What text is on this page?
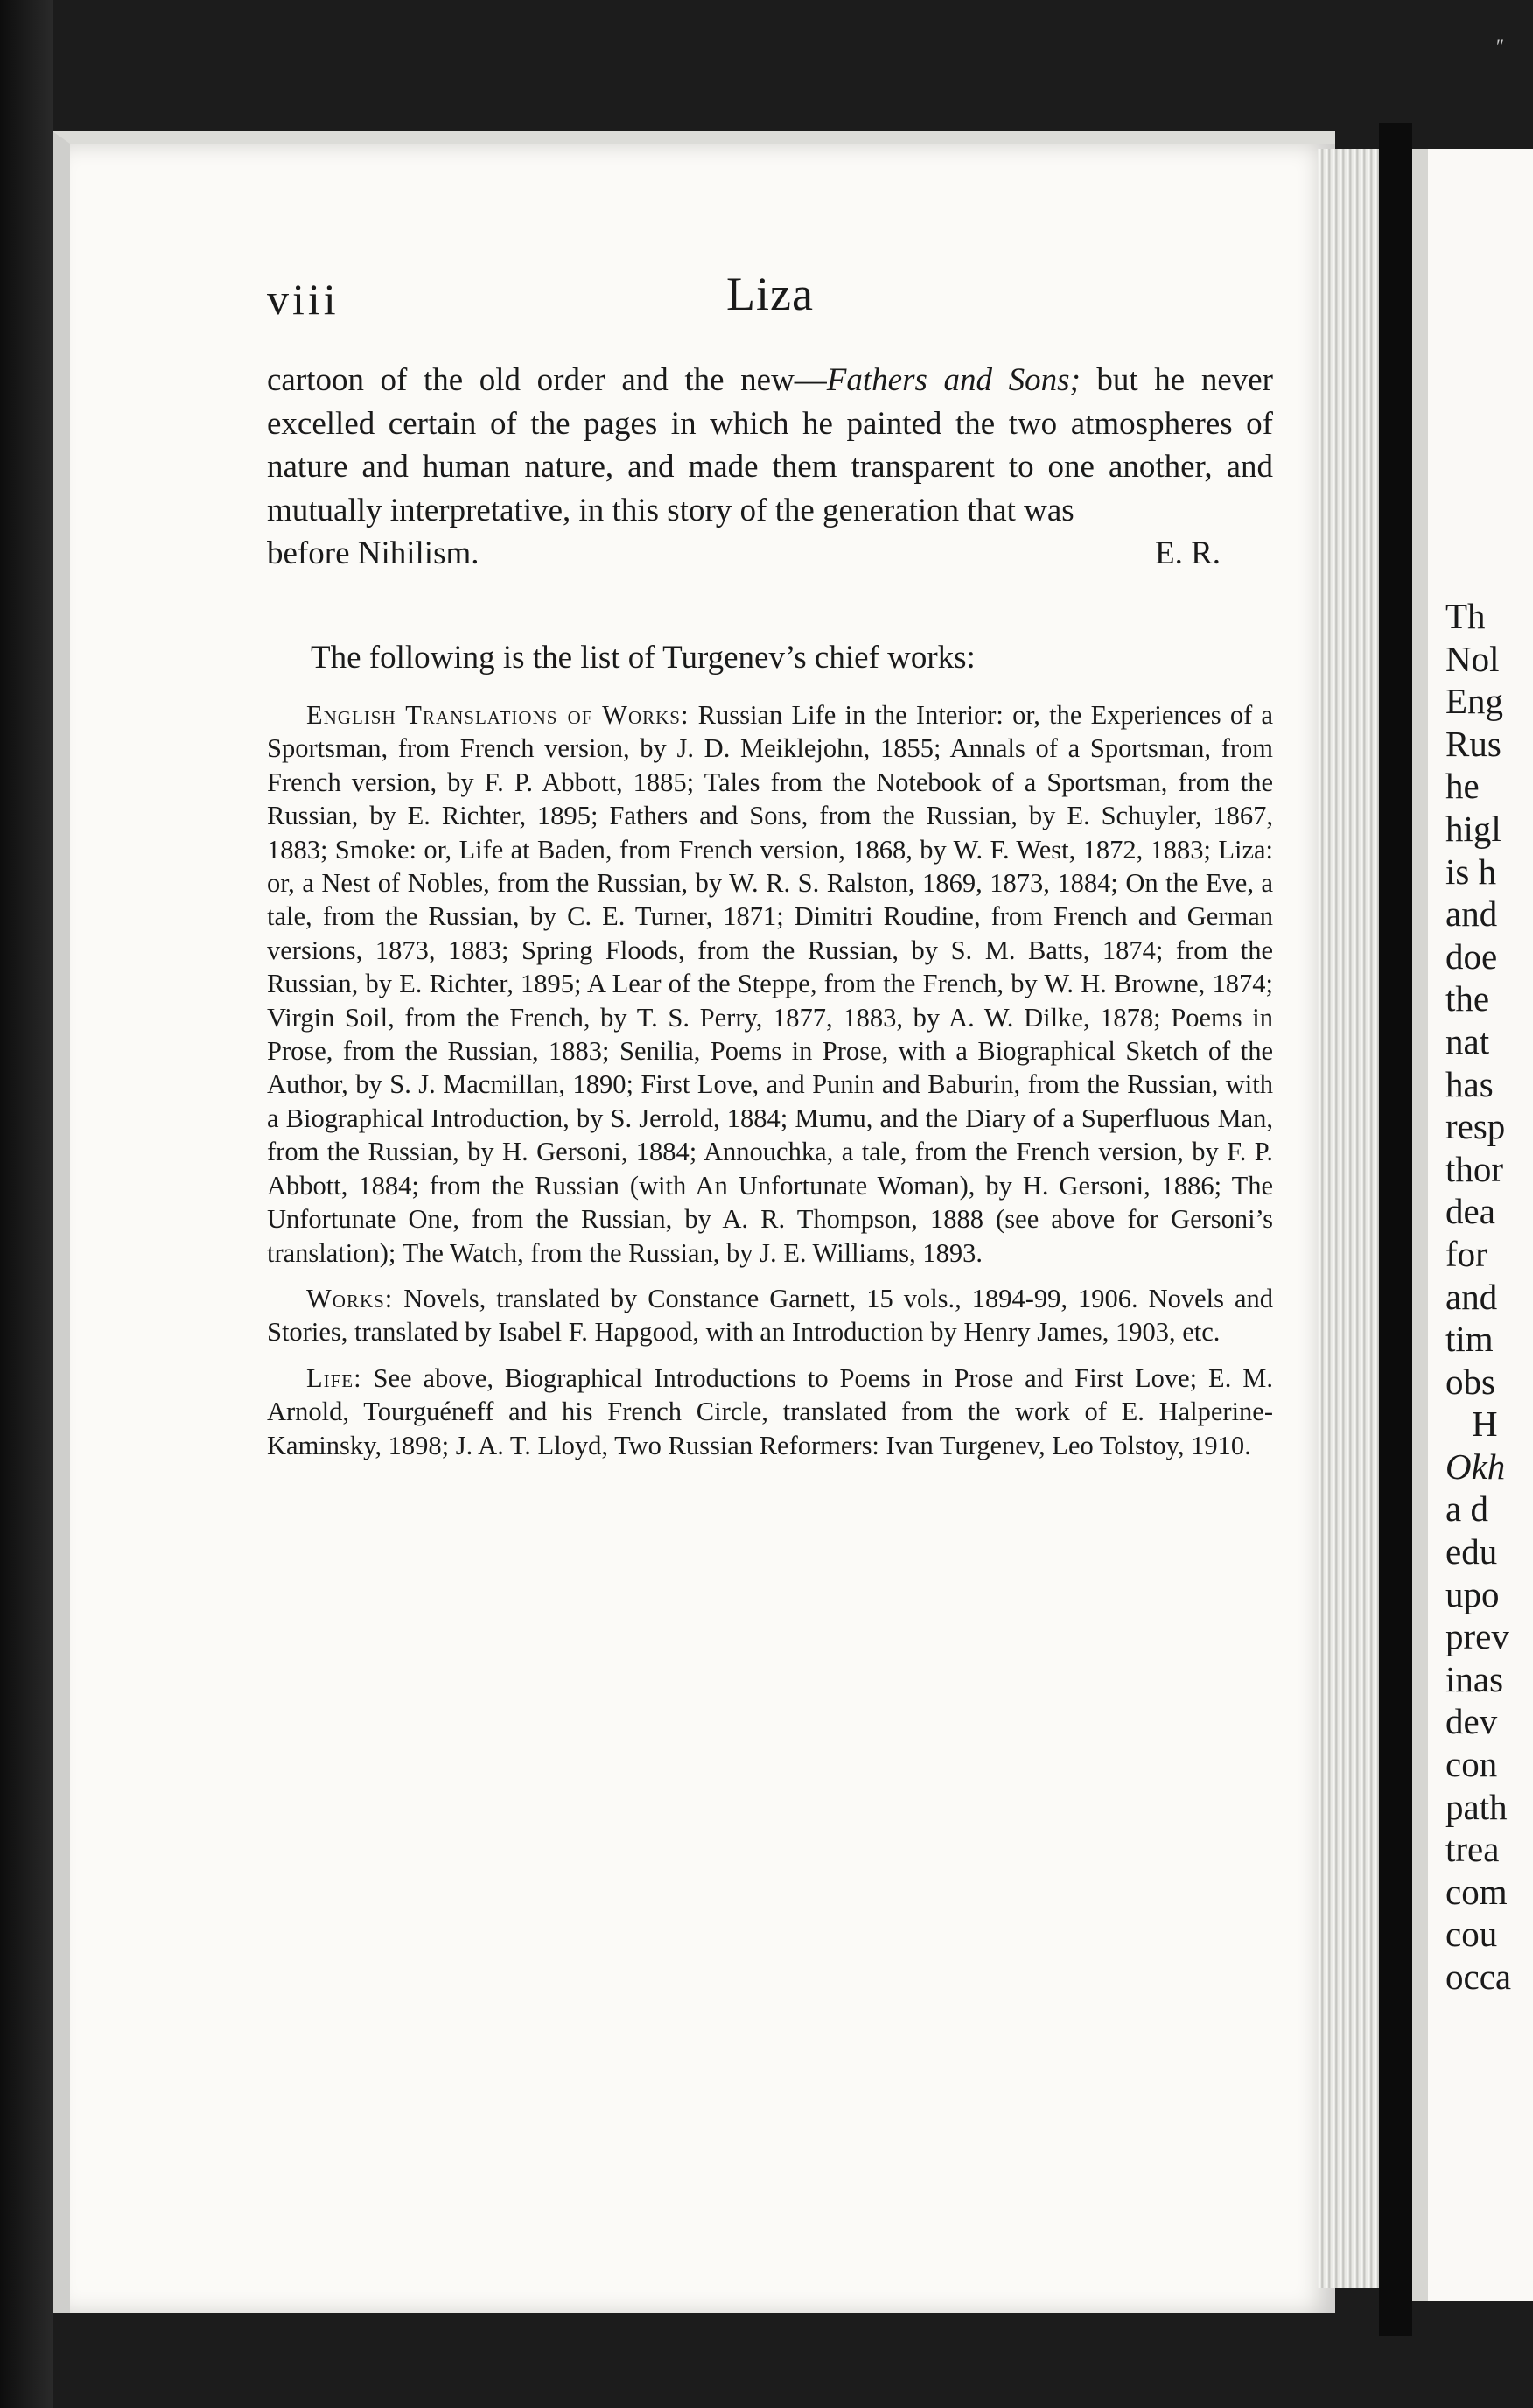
″
viii	Liza

cartoon of the old order and the new—Fathers and Sons; but he never excelled certain of the pages in which he painted the two atmospheres of nature and human nature, and made them transparent to one another, and mutually interpretative, in this story of the generation that was

before Nihilism.	E. R.
The following is the list of Turgenev’s chief works:

English Translations of Works: Russian Life in the Interior: or, the Experiences of a Sportsman, from French version, by J. D. Meiklejohn, 1855; Annals of a Sportsman, from French version, by F. P. Abbott, 1885; Tales from the Notebook of a Sportsman, from the Russian, by E. Richter, 1895; Fathers and Sons, from the Russian, by E. Schuyler, 1867, 1883; Smoke: or, Life at Baden, from French version, 1868, by W. F. West, 1872, 1883; Liza: or, a Nest of Nobles, from the Russian, by W. R. S. Ralston, 1869, 1873, 1884; On the Eve, a tale, from the Russian, by C. E. Turner, 1871; Dimitri Roudine, from French and German versions, 1873, 1883; Spring Floods, from the Russian, by S. M. Batts, 1874; from the Russian, by E. Richter, 1895; A Lear of the Steppe, from the French, by W. H. Browne, 1874; Virgin Soil, from the French, by T. S. Perry, 1877, 1883, by A. W. Dilke, 1878; Poems in Prose, from the Russian, 1883; Senilia, Poems in Prose, with a Biographical Sketch of the Author, by S. J. Macmillan, 1890; First Love, and Punin and Baburin, from the Russian, with a Biographical Introduction, by S. Jerrold, 1884; Mumu, and the Diary of a Superfluous Man, from the Russian, by H. Gersoni, 1884; Annouchka, a tale, from the French version, by F. P. Abbott, 1884; from the Russian (with An Unfortunate Woman), by H. Gersoni, 1886; The Unfortunate One, from the Russian, by A. R. Thompson, 1888 (see above for Gersoni’s translation); The Watch, from the Russian, by J. E. Williams, 1893.

Works: Novels, translated by Constance Garnett, 15 vols., 1894-99, 1906. Novels and Stories, translated by Isabel F. Hapgood, with an Introduction by Henry James, 1903, etc.

Life: See above, Biographical Introductions to Poems in Prose and First Love; E. M. Arnold, Tourguéneff and his French Circle, translated from the work of E. Halperine-Kaminsky, 1898; J. A. T. Lloyd, Two Russian Reformers: Ivan Turgenev, Leo Tolstoy, 1910.

Th
Nol
Eng
Rus
he
higl
is h
and
doe
the
nat
has
resp
thor
dea
for
and
tim
obs
H
Okh
a d
edu
upo
prev
inas
dev
con
path
trea
com
cou
occa
